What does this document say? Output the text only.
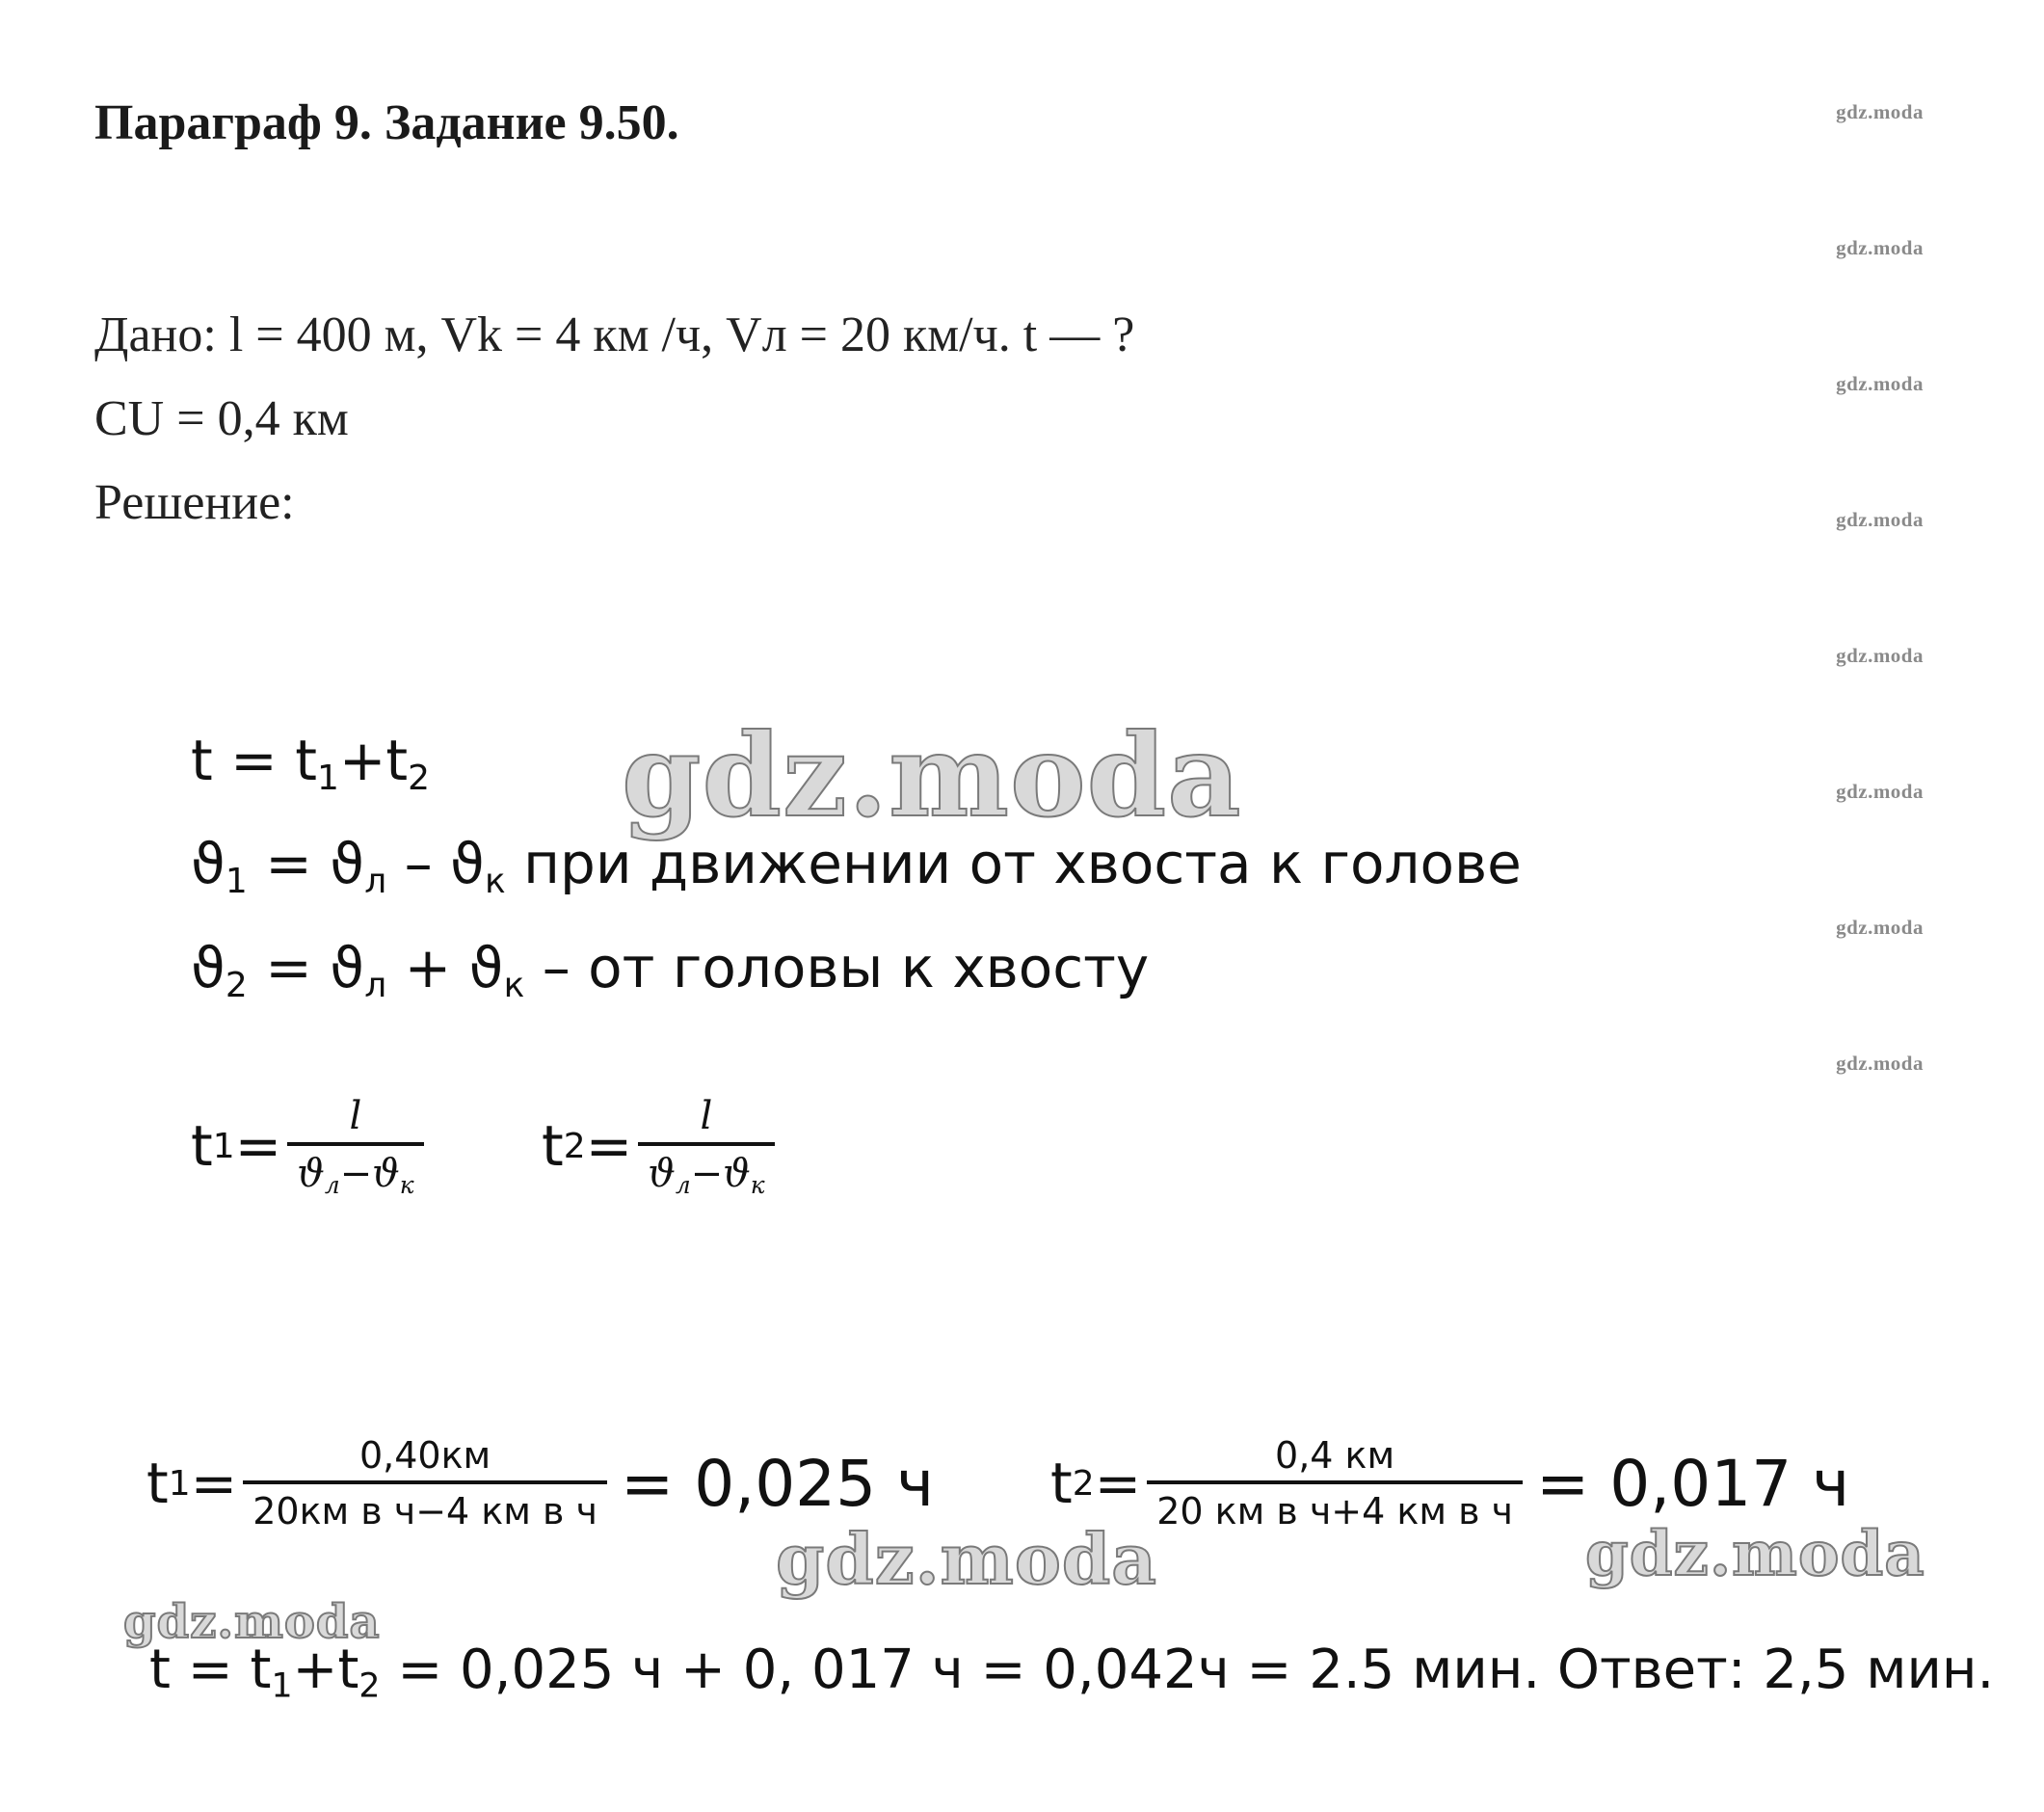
Параграф 9. Задание 9.50.	gdz.moda
gdz.moda
gdz.moda
gdz.moda
gdz.moda
gdz.moda
gdz.moda
gdz.moda
Дано: l = 400 м, Vk = 4 км /ч, Vл = 20 км/ч. t — ?
CU = 0,4 км
Решение:
gdz.moda
$t = t_1+t_2$
$ϑ_1 = ϑ_л - ϑ_к$ при движении от хвоста к голове
$ϑ_2 = ϑ_л + ϑ_к$ – от головы к хвосту
t $1 = \frac{l}{ϑ_л-ϑ_к}$ t $2 = \frac{l}{ϑ_л-ϑ_к}$
t $1 = \frac{0,40км}{\text{20км в ч−4 км в ч}} = 0,025$ ч t $2 = \frac{0,4 км}{\text{20 км в ч+4 км в ч}} = 0,017$ ч
gdz.moda	gdz.moda
gdz.moda
$t = t_1+t_2 = 0,025$ ч + 0, 017 ч = 0,042ч = 2.5 мин. Ответ: 2,5 мин.
